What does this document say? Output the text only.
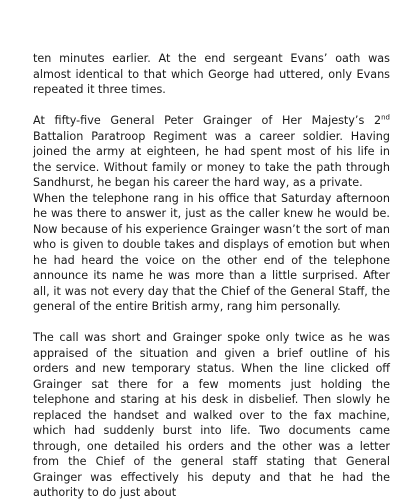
ten minutes earlier. At the end sergeant Evans’ oath was almost identical to that which George had uttered, only Evans repeated it three times.

At fifty-five General Peter Grainger of Her Majesty’s 2nd Battalion Paratroop Regiment was a career soldier. Having joined the army at eighteen, he had spent most of his life in the service. Without family or money to take the path through Sandhurst, he began his career the hard way, as a private.

When the telephone rang in his office that Saturday afternoon he was there to answer it, just as the caller knew he would be. Now because of his experience Grainger wasn’t the sort of man who is given to double takes and displays of emotion but when he had heard the voice on the other end of the telephone announce its name he was more than a little surprised. After all, it was not every day that the Chief of the General Staff, the general of the entire British army, rang him personally.

The call was short and Grainger spoke only twice as he was appraised of the situation and given a brief outline of his orders and new temporary status. When the line clicked off Grainger sat there for a few moments just holding the telephone and staring at his desk in disbelief. Then slowly he replaced the handset and walked over to the fax machine, which had suddenly burst into life. Two documents came through, one detailed his orders and the other was a letter from the Chief of the general staff stating that General Grainger was effectively his deputy and that he had the authority to do just about
